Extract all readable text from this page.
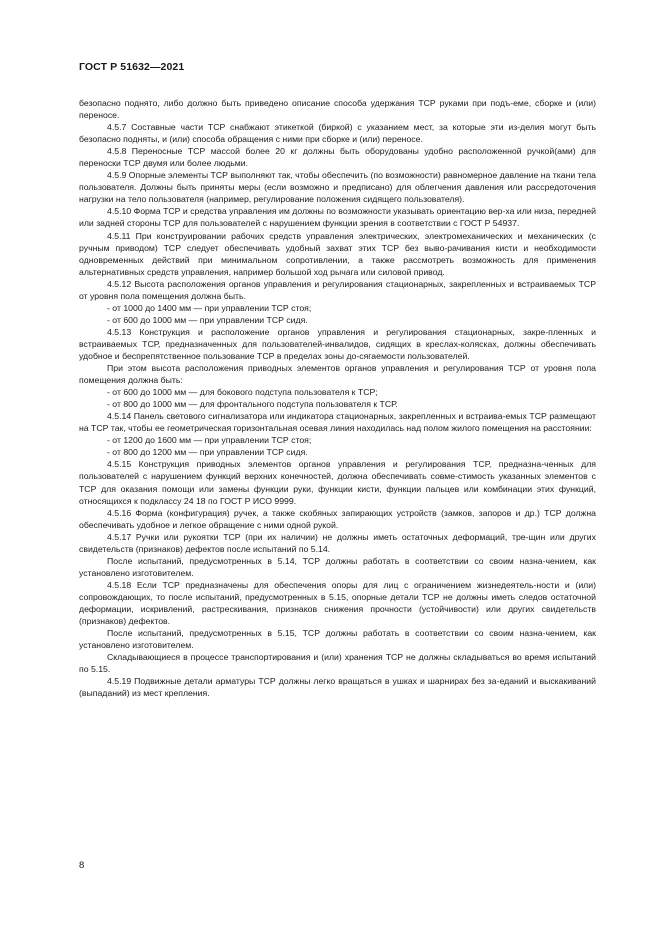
ГОСТ Р 51632—2021

безопасно поднято, либо должно быть приведено описание способа удержания ТСР руками при подъ-еме, сборке и (или) переносе.

4.5.7 Составные части ТСР снабжают этикеткой (биркой) с указанием мест, за которые эти из-делия могут быть безопасно подняты, и (или) способа обращения с ними при сборке и (или) переносе.

4.5.8 Переносные ТСР массой более 20 кг должны быть оборудованы удобно расположенной ручкой(ами) для переноски ТСР двумя или более людьми.

4.5.9 Опорные элементы ТСР выполняют так, чтобы обеспечить (по возможности) равномерное давление на ткани тела пользователя. Должны быть приняты меры (если возможно и предписано) для облегчения давления или рассредоточения нагрузки на тело пользователя (например, регулирование положения сидящего пользователя).

4.5.10 Форма ТСР и средства управления им должны по возможности указывать ориентацию вер-ха или низа, передней или задней стороны ТСР для пользователей с нарушением функции зрения в соответствии с ГОСТ Р 54937.

4.5.11 При конструировании рабочих средств управления электрических, электромеханических и механических (с ручным приводом) ТСР следует обеспечивать удобный захват этих ТСР без выво-рачивания кисти и необходимости одновременных действий при минимальном сопротивлении, а также рассмотреть возможность для применения альтернативных средств управления, например большой ход рычага или силовой привод.

4.5.12 Высота расположения органов управления и регулирования стационарных, закрепленных и встраиваемых ТСР от уровня пола помещения должна быть.

- от 1000 до 1400 мм — при управлении ТСР стоя;

- от 600 до 1000 мм — при управлении ТСР сидя.

4.5.13 Конструкция и расположение органов управления и регулирования стационарных, закре-пленных и встраиваемых ТСР, предназначенных для пользователей-инвалидов, сидящих в креслах-колясках, должны обеспечивать удобное и беспрепятственное пользование ТСР в пределах зоны до-сягаемости пользователей.

При этом высота расположения приводных элементов органов управления и регулирования ТСР от уровня пола помещения должна быть:

- от 600 до 1000 мм — для бокового подступа пользователя к ТСР;

- от 800 до 1000 мм — для фронтального подступа пользователя к ТСР.

4.5.14 Панель светового сигнализатора или индикатора стационарных, закрепленных и встраива-емых ТСР размещают на ТСР так, чтобы ее геометрическая горизонтальная осевая линия находилась над полом жилого помещения на расстоянии:

- от 1200 до 1600 мм — при управлении ТСР стоя;

- от 800 до 1200 мм — при управлении ТСР сидя.

4.5.15 Конструкция приводных элементов органов управления и регулирования ТСР, предназна-ченных для пользователей с нарушением функций верхних конечностей, должна обеспечивать совме-стимость указанных элементов с ТСР для оказания помощи или замены функции руки, функции кисти, функции пальцев или комбинации этих функций, относящихся к подклассу 24 18 по ГОСТ Р ИСО 9999.

4.5.16 Форма (конфигурация) ручек, а также скобяных запирающих устройств (замков, запоров и др.) ТСР должна обеспечивать удобное и легкое обращение с ними одной рукой.

4.5.17 Ручки или рукоятки ТСР (при их наличии) не должны иметь остаточных деформаций, тре-щин или других свидетельств (признаков) дефектов после испытаний по 5.14.

После испытаний, предусмотренных в 5.14, ТСР должны работать в соответствии со своим назна-чением, как установлено изготовителем.

4.5.18 Если ТСР предназначены для обеспечения опоры для лиц с ограничением жизнедеятель-ности и (или) сопровождающих, то после испытаний, предусмотренных в 5.15, опорные детали ТСР не должны иметь следов остаточной деформации, искривлений, растрескивания, признаков снижения прочности (устойчивости) или других свидетельств (признаков) дефектов.

После испытаний, предусмотренных в 5.15, ТСР должны работать в соответствии со своим назна-чением, как установлено изготовителем.

Складывающиеся в процессе транспортирования и (или) хранения ТСР не должны складываться во время испытаний по 5.15.

4.5.19 Подвижные детали арматуры ТСР должны легко вращаться в ушках и шарнирах без за-еданий и выскакиваний (выпаданий) из мест крепления.

8
